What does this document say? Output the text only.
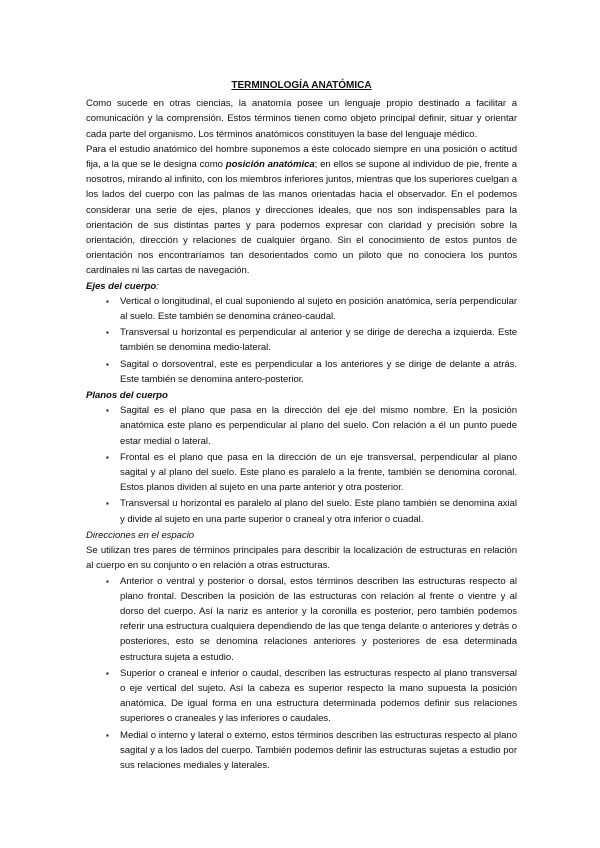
TERMINOLOGÍA ANATÓMICA

Como sucede en otras ciencias, la anatomía posee un lenguaje propio destinado a facilitar a comunicación y la comprensión. Estos términos tienen como objeto principal definir, situar y orientar cada parte del organismo. Los términos anatómicos constituyen la base del lenguaje médico.

Para el estudio anatómico del hombre suponemos a éste colocado siempre en una posición o actitud fija, a la que se le designa como posición anatómica; en ellos se supone al individuo de pie, frente a nosotros, mirando al infinito, con los miembros inferiores juntos, mientras que los superiores cuelgan a los lados del cuerpo con las palmas de las manos orientadas hacia el observador. En el podemos considerar una serie de ejes, planos y direcciones ideales, que nos son indispensables para la orientación de sus distintas partes y para podernos expresar con claridad y precisión sobre la orientación, dirección y relaciones de cualquier órgano. Sin el conocimiento de estos puntos de orientación nos encontraríamos tan desorientados como un piloto que no conociera los puntos cardinales ni las cartas de navegación.

Ejes del cuerpo:

▪ Vertical o longitudinal, el cual suponiendo al sujeto en posición anatómica, sería perpendicular al suelo. Este también se denomina cráneo-caudal.
▪ Transversal u horizontal es perpendicular al anterior y se dirige de derecha a izquierda. Este también se denomina medio-lateral.
▪ Sagital o dorsoventral, este es perpendicular a los anteriores y se dirige de delante a atrás. Este también se denomina antero-posterior.

Planos del cuerpo

▪ Sagital es el plano que pasa en la dirección del eje del mismo nombre. En la posición anatómica este plano es perpendicular al plano del suelo. Con relación a él un punto puede estar medial o lateral.
▪ Frontal es el plano que pasa en la dirección de un eje transversal, perpendicular al plano sagital y al plano del suelo. Este plano es paralelo a la frente, también se denomina coronal. Estos planos dividen al sujeto en una parte anterior y otra posterior.
▪ Transversal u horizontal es paralelo al plano del suelo. Este plano también se denomina axial y divide al sujeto en una parte superior o craneal y otra inferior o cuadal.

Direcciones en el espacio

Se utilizan tres pares de términos principales para describir la localización de estructuras en relación al cuerpo en su conjunto o en relación a otras estructuras.

▪ Anterior o ventral y posterior o dorsal, estos términos describen las estructuras respecto al plano frontal. Describen la posición de las estructuras con relación al frente o vientre y al dorso del cuerpo. Así la nariz es anterior y la coronilla es posterior, pero también podemos referir una estructura cualquiera dependiendo de las que tenga delante o anteriores y detrás o posteriores, esto se denomina relaciones anteriores y posteriores de esa determinada estructura sujeta a estudio.
▪ Superior o craneal e inferior o caudal, describen las estructuras respecto al plano transversal o eje vertical del sujeto. Así la cabeza es superior respecto la mano supuesta la posición anatómica. De igual forma en una estructura determinada podemos definir sus relaciones superiores o craneales y las inferiores o caudales.
▪ Medial o interno y lateral o externo, estos términos describen las estructuras respecto al plano sagital y a los lados del cuerpo. También podemos definir las estructuras sujetas a estudio por sus relaciones mediales y laterales.
